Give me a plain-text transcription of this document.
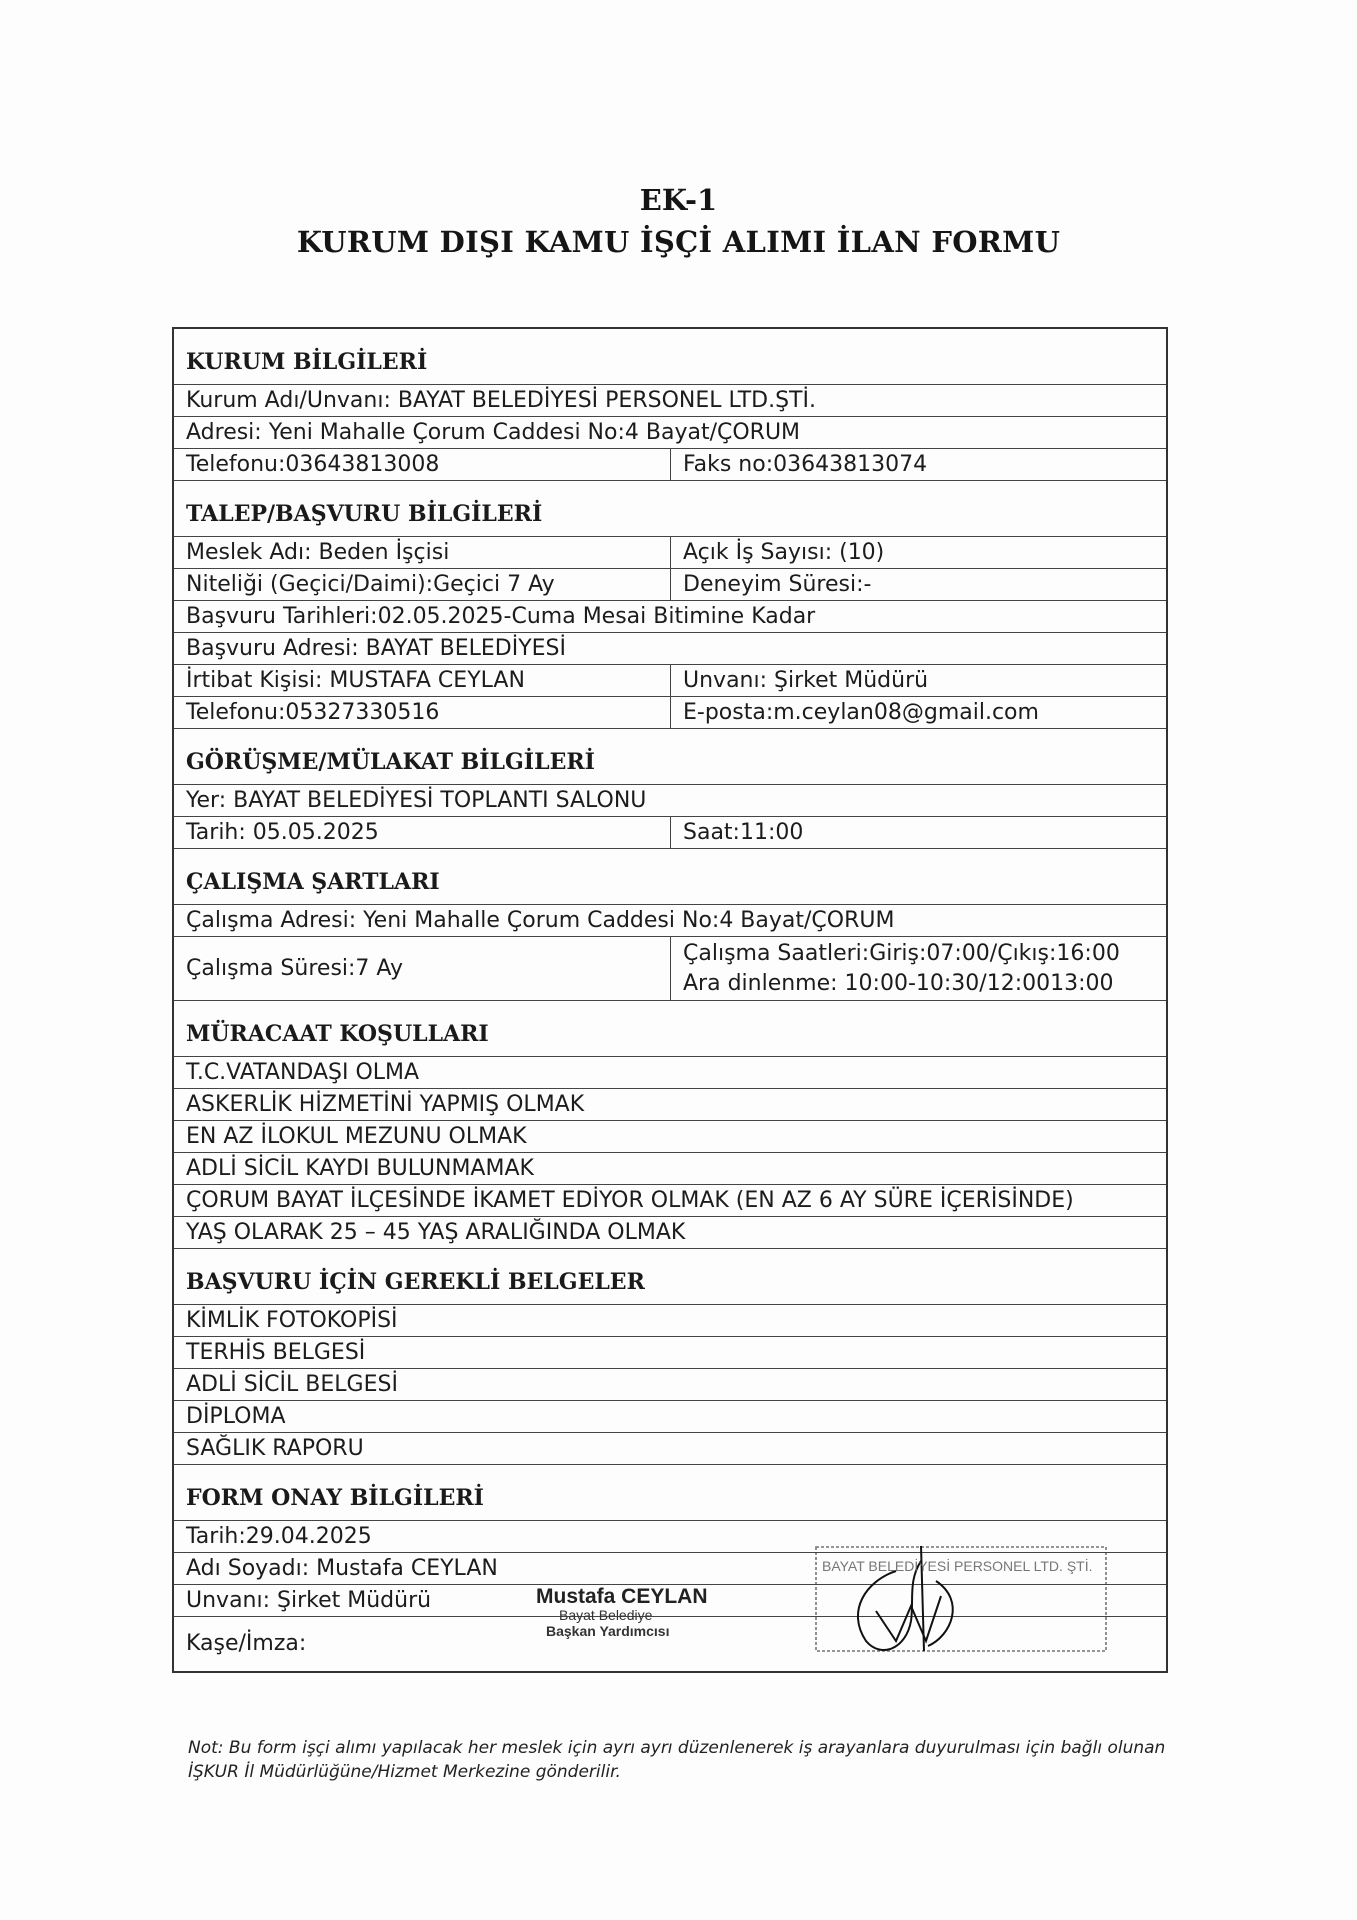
EK-1
KURUM DIŞI KAMU İŞÇİ ALIMI İLAN FORMU
KURUM BİLGİLERİ
Kurum Adı/Unvanı: BAYAT BELEDİYESİ PERSONEL LTD.ŞTİ.
Adresi: Yeni Mahalle Çorum Caddesi No:4 Bayat/ÇORUM
Telefonu:03643813008	Faks no:03643813074
TALEP/BAŞVURU BİLGİLERİ
Meslek Adı: Beden İşçisi	Açık İş Sayısı: (10)
Niteliği (Geçici/Daimi):Geçici 7 Ay	Deneyim Süresi:-
Başvuru Tarihleri:02.05.2025-Cuma Mesai Bitimine Kadar
Başvuru Adresi: BAYAT BELEDİYESİ
İrtibat Kişisi: MUSTAFA CEYLAN	Unvanı: Şirket Müdürü
Telefonu:05327330516	E-posta:m.ceylan08@gmail.com
GÖRÜŞME/MÜLAKAT BİLGİLERİ
Yer: BAYAT BELEDİYESİ TOPLANTI SALONU
Tarih: 05.05.2025	Saat:11:00
ÇALIŞMA ŞARTLARI
Çalışma Adresi: Yeni Mahalle Çorum Caddesi No:4 Bayat/ÇORUM
Çalışma Süresi:7 Ay
Çalışma Saatleri:Giriş:07:00/Çıkış:16:00
Ara dinlenme: 10:00-10:30/12:0013:00
MÜRACAAT KOŞULLARI
T.C.VATANDAŞI OLMA
ASKERLİK HİZMETİNİ YAPMIŞ OLMAK
EN AZ İLOKUL MEZUNU OLMAK
ADLİ SİCİL KAYDI BULUNMAMAK
ÇORUM BAYAT İLÇESİNDE İKAMET EDİYOR OLMAK (EN AZ 6 AY SÜRE İÇERİSİNDE)
YAŞ OLARAK 25 – 45 YAŞ ARALIĞINDA OLMAK
BAŞVURU İÇİN GEREKLİ BELGELER
KİMLİK FOTOKOPİSİ
TERHİS BELGESİ
ADLİ SİCİL BELGESİ
DİPLOMA
SAĞLIK RAPORU
FORM ONAY BİLGİLERİ
Tarih:29.04.2025
Adı Soyadı: Mustafa CEYLAN
Unvanı: Şirket Müdürü	Mustafa CEYLAN
Bayat Belediye
Başkan Yardımcısı
BAYAT BELEDİYESİ PERSONEL LTD. ŞTİ.
Kaşe/İmza:
Not: Bu form işçi alımı yapılacak her meslek için ayrı ayrı düzenlenerek iş arayanlara duyurulması için bağlı olunan İŞKUR İl Müdürlüğüne/Hizmet Merkezine gönderilir.
